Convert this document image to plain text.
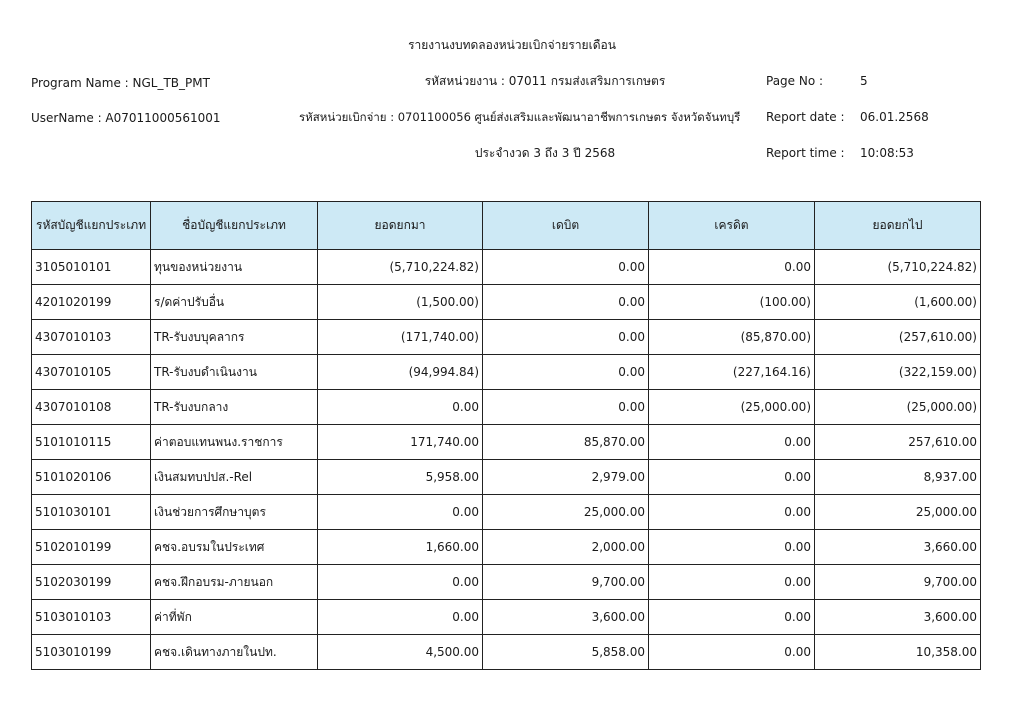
รายงานงบทดลองหน่วยเบิกจ่ายรายเดือน
Program Name : NGL_TB_PMT
UserName : A07011000561001
รหัสหน่วยงาน : 07011 กรมส่งเสริมการเกษตร
รหัสหน่วยเบิกจ่าย : 0701100056 ศูนย์ส่งเสริมและพัฒนาอาชีพการเกษตร จังหวัดจันทบุรี
ประจำงวด 3 ถึง 3 ปี 2568
Page No :	5
Report date : 06.01.2568
Report time : 10:08:53
รหัสบัญชีแยกประเภท	ชื่อบัญชีแยกประเภท	ยอดยกมา	เดบิต	เครดิต	ยอดยกไป
3105010101	ทุนของหน่วยงาน	(5,710,224.82)	0.00	0.00	(5,710,224.82)
4201020199	ร/ดค่าปรับอื่น	(1,500.00)	0.00	(100.00)	(1,600.00)
4307010103	TR-รับงบบุคลากร	(171,740.00)	0.00	(85,870.00)	(257,610.00)
4307010105	TR-รับงบดำเนินงาน	(94,994.84)	0.00	(227,164.16)	(322,159.00)
4307010108	TR-รับงบกลาง	0.00	0.00	(25,000.00)	(25,000.00)
5101010115	ค่าตอบแทนพนง.ราชการ	171,740.00	85,870.00	0.00	257,610.00
5101020106	เงินสมทบปปส.-Rel	5,958.00	2,979.00	0.00	8,937.00
5101030101	เงินช่วยการศึกษาบุตร	0.00	25,000.00	0.00	25,000.00
5102010199	คชจ.อบรมในประเทศ	1,660.00	2,000.00	0.00	3,660.00
5102030199	คชจ.ฝึกอบรม-ภายนอก	0.00	9,700.00	0.00	9,700.00
5103010103	ค่าที่พัก	0.00	3,600.00	0.00	3,600.00
5103010199	คชจ.เดินทางภายในปท.	4,500.00	5,858.00	0.00	10,358.00
